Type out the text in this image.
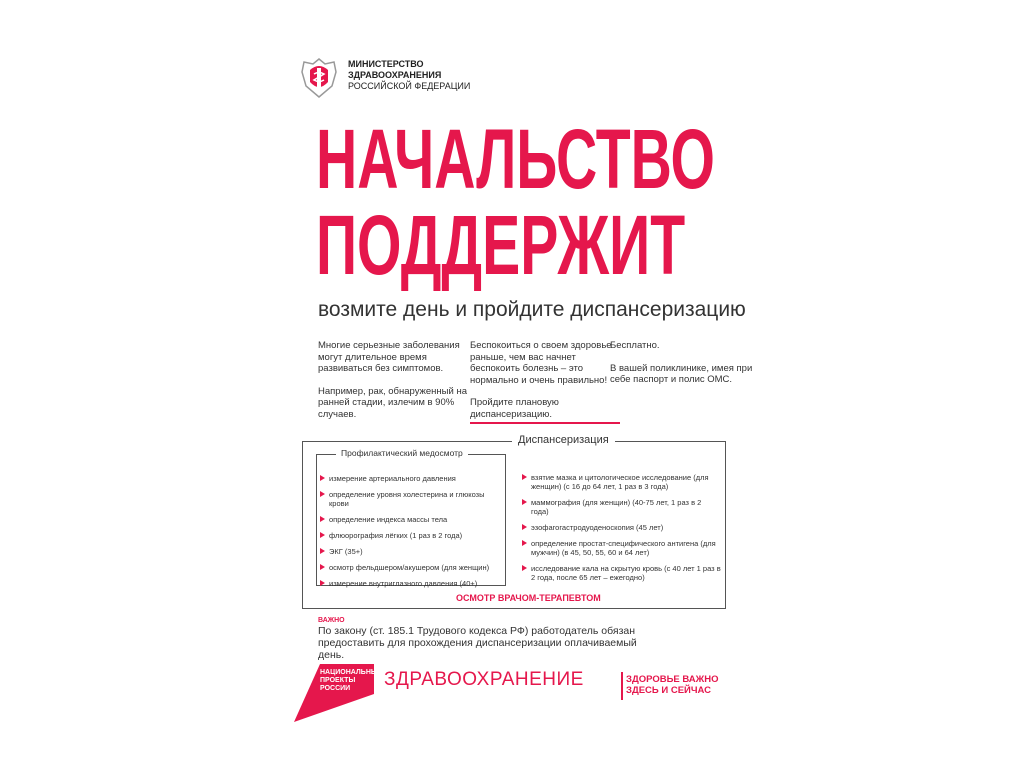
МИНИСТЕРСТВО
ЗДРАВООХРАНЕНИЯ
РОССИЙСКОЙ ФЕДЕРАЦИИ
НАЧАЛЬСТВО
ПОДДЕРЖИТ
возмите день и пройдите диспансеризацию

Многие серьезные заболевания могут длительное время развиваться без симптомов.

Например, рак, обнаруженный на ранней стадии, излечим в 90% случаев.

Беспокоиться о своем здоровье раньше, чем вас начнет беспокоить болезнь – это нормально и очень правильно!

Пройдите плановую диспансеризацию.

Бесплатно.

В вашей поликлинике, имея при себе паспорт и полис ОМС.

Диспансеризация
Профилактический медосмотр
измерение артериального давления
определение уровня холестерина и глюкозы крови
определение индекса массы тела
флюорография лёгких (1 раз в 2 года)
ЭКГ (35+)
осмотр фельдшером/акушером (для женщин)
измерение внутриглазного давления (40+)
взятие мазка и цитологическое исследование (для женщин) (с 16 до 64 лет, 1 раз в 3 года)
маммография (для женщин) (40-75 лет, 1 раз в 2 года)
эзофагогастродуоденоскопия (45 лет)
определение простат-специфического антигена (для мужчин) (в 45, 50, 55, 60 и 64 лет)
исследование кала на скрытую кровь (с 40 лет 1 раз в 2 года, после 65 лет – ежегодно)
ОСМОТР ВРАЧОМ-ТЕРАПЕВТОМ
ВАЖНО
По закону (ст. 185.1 Трудового кодекса РФ) работодатель обязан предоставить для прохождения диспансеризации оплачиваемый день.
НАЦИОНАЛЬНЫЕ
ПРОЕКТЫ
РОССИИ	ЗДРАВООХРАНЕНИЕ	ЗДОРОВЬЕ ВАЖНО
ЗДЕСЬ И СЕЙЧАС
